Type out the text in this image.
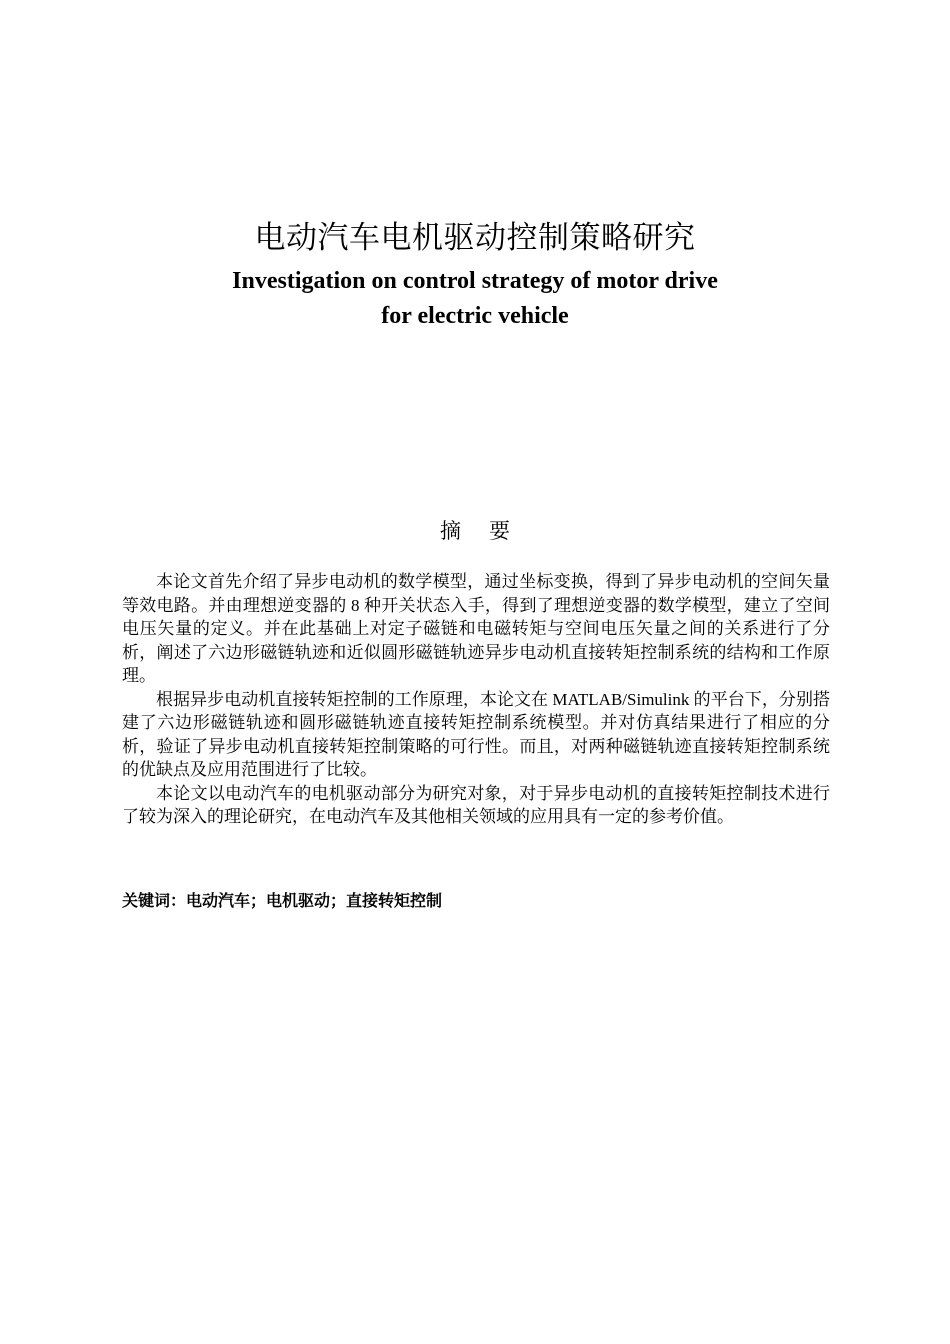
电动汽车电机驱动控制策略研究
Investigation on control strategy of motor drive
for electric vehicle
摘要

本论文首先介绍了异步电动机的数学模型，通过坐标变换，得到了异步电动机的空间矢量等效电路。并由理想逆变器的 8 种开关状态入手，得到了理想逆变器的数学模型，建立了空间电压矢量的定义。并在此基础上对定子磁链和电磁转矩与空间电压矢量之间的关系进行了分析，阐述了六边形磁链轨迹和近似圆形磁链轨迹异步电动机直接转矩控制系统的结构和工作原理。

根据异步电动机直接转矩控制的工作原理，本论文在 MATLAB/Simulink 的平台下，分别搭建了六边形磁链轨迹和圆形磁链轨迹直接转矩控制系统模型。并对仿真结果进行了相应的分析，验证了异步电动机直接转矩控制策略的可行性。而且，对两种磁链轨迹直接转矩控制系统的优缺点及应用范围进行了比较。

本论文以电动汽车的电机驱动部分为研究对象，对于异步电动机的直接转矩控制技术进行了较为深入的理论研究，在电动汽车及其他相关领域的应用具有一定的参考价值。

关键词：电动汽车；电机驱动；直接转矩控制
